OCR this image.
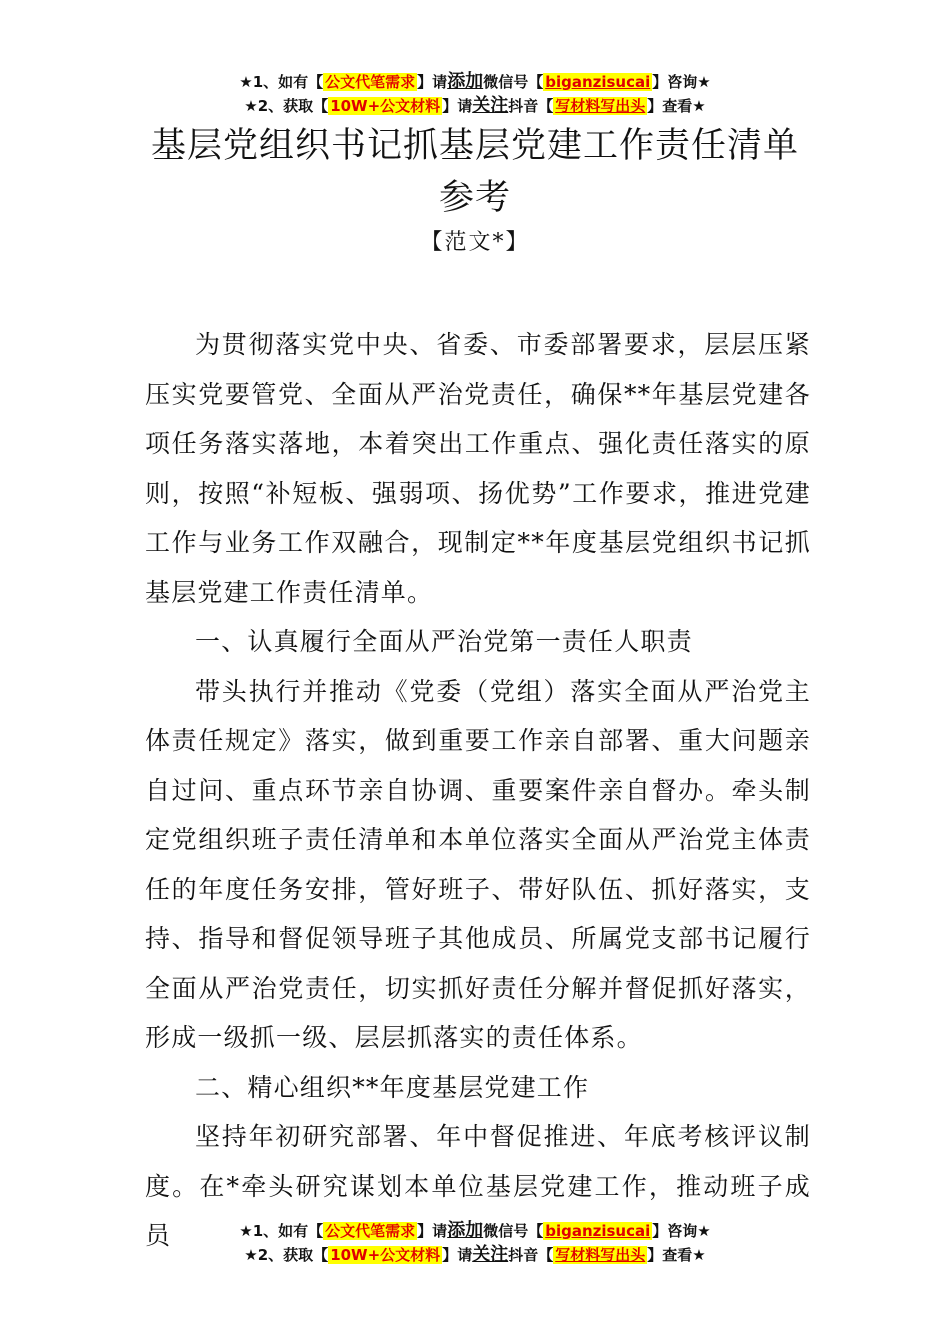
★1、如有【 公文代笔需求 】请添加微信号【 biganzisucai 】咨询★
★2、获取【 10W+公文材料 】请关注抖音【 写材料写出头 】查看★
基层党组织书记抓基层党建工作责任清单
参考
【范文*】

为贯彻落实党中央、省委、市委部署要求，层层压紧压实党要管党、全面从严治党责任，确保**年基层党建各项任务落实落地，本着突出工作重点、强化责任落实的原则，按照“补短板、强弱项、扬优势”工作要求，推进党建工作与业务工作双融合，现制定**年度基层党组织书记抓基层党建工作责任清单。

一、认真履行全面从严治党第一责任人职责

带头执行并推动《党委（党组）落实全面从严治党主体责任规定》落实，做到重要工作亲自部署、重大问题亲自过问、重点环节亲自协调、重要案件亲自督办。牵头制定党组织班子责任清单和本单位落实全面从严治党主体责任的年度任务安排，管好班子、带好队伍、抓好落实，支持、指导和督促领导班子其他成员、所属党支部书记履行全面从严治党责任，切实抓好责任分解并督促抓好落实，形成一级抓一级、层层抓落实的责任体系。

二、精心组织**年度基层党建工作

坚持年初研究部署、年中督促推进、年底考核评议制度。在*牵头研究谋划本单位基层党建工作，推动班子成员	★1、如有【 公文代笔需求 】请添加微信号【 biganzisucai 】咨询★
★2、获取【 10W+公文材料 】请关注抖音【 写材料写出头 】查看★
